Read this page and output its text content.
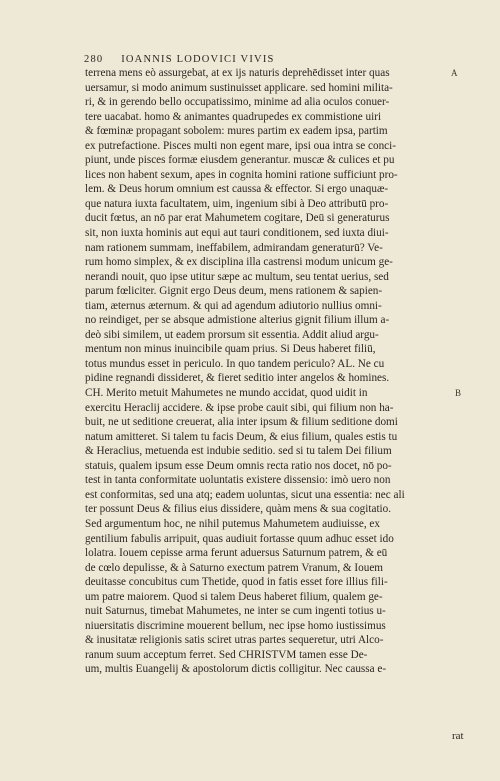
280 IOANNIS LODOVICI VIVIS
A
B
terrena mens eò assurgebat, at ex ijs naturis deprehēdisset inter quas
uersamur, si modo animum sustinuisset applicare. sed homini milita-
ri, & in gerendo bello occupatissimo, minime ad alia oculos conuer-
tere uacabat. homo & animantes quadrupedes ex commistione uiri
& fœminæ propagant sobolem: mures partim ex eadem ipsa, partim
ex putrefactione. Pisces multi non egent mare, ipsi oua intra se conci-
piunt, unde pisces formæ eiusdem generantur. muscæ & culices et pu
lices non habent sexum, apes in cognita homini ratione sufficiunt pro-
lem. & Deus horum omnium est caussa & effector. Si ergo unaquæ-
que natura iuxta facultatem, uim, ingenium sibi à Deo attributū pro-
ducit fœtus, an nō par erat Mahumetem cogitare, Deū si generaturus
sit, non iuxta hominis aut equi aut tauri conditionem, sed iuxta diui-
nam rationem summam, ineffabilem, admirandam generaturū? Ve-
rum homo simplex, & ex disciplina illa castrensi modum unicum ge-
nerandi nouit, quo ipse utitur sæpe ac multum, seu tentat uerius, sed
parum fœliciter. Gignit ergo Deus deum, mens rationem & sapien-
tiam, æternus æternum. & qui ad agendum adiutorio nullius omni-
no reindiget, per se absque admistione alterius gignit filium illum a-
deò sibi similem, ut eadem prorsum sit essentia. Addit aliud argu-
mentum non minus inuincibile quam prius. Si Deus haberet filiū,
totus mundus esset in periculo. In quo tandem periculo? AL. Ne cu
pidine regnandi dissideret, & fieret seditio inter angelos & homines.
CH. Merito metuit Mahumetes ne mundo accidat, quod uidit in
exercitu Heraclij accidere. & ipse probe cauit sibi, qui filium non ha-
buit, ne ut seditione creuerat, alia inter ipsum & filium seditione domi
natum amitteret. Si talem tu facis Deum, & eius filium, quales estis tu
& Heraclius, metuenda est indubie seditio. sed si tu talem Dei filium
statuis, qualem ipsum esse Deum omnis recta ratio nos docet, nō po-
test in tanta conformitate uoluntatis existere dissensio: imò uero non
est conformitas, sed una atq; eadem uoluntas, sicut una essentia: nec ali
ter possunt Deus & filius eius dissidere, quàm mens & sua cogitatio.
Sed argumentum hoc, ne nihil putemus Mahumetem audiuisse, ex
gentilium fabulis arripuit, quas audiuit fortasse quum adhuc esset ido
lolatra. Iouem cepisse arma ferunt aduersus Saturnum patrem, & eū
de cœlo depulisse, & à Saturno exectum patrem Vranum, & Iouem
deuitasse concubitus cum Thetide, quod in fatis esset fore illius fili-
um patre maiorem. Quod si talem Deus haberet filium, qualem ge-
nuit Saturnus, timebat Mahumetes, ne inter se cum ingenti totius u-
niuersitatis discrimine mouerent bellum, nec ipse homo iustissimus
& inusitatæ religionis satis sciret utras partes sequeretur, utri Alco-
ranum suum acceptum ferret. Sed CHRISTVM tamen esse De-
um, multis Euangelij & apostolorum dictis colligitur. Nec caussa e-
rat
